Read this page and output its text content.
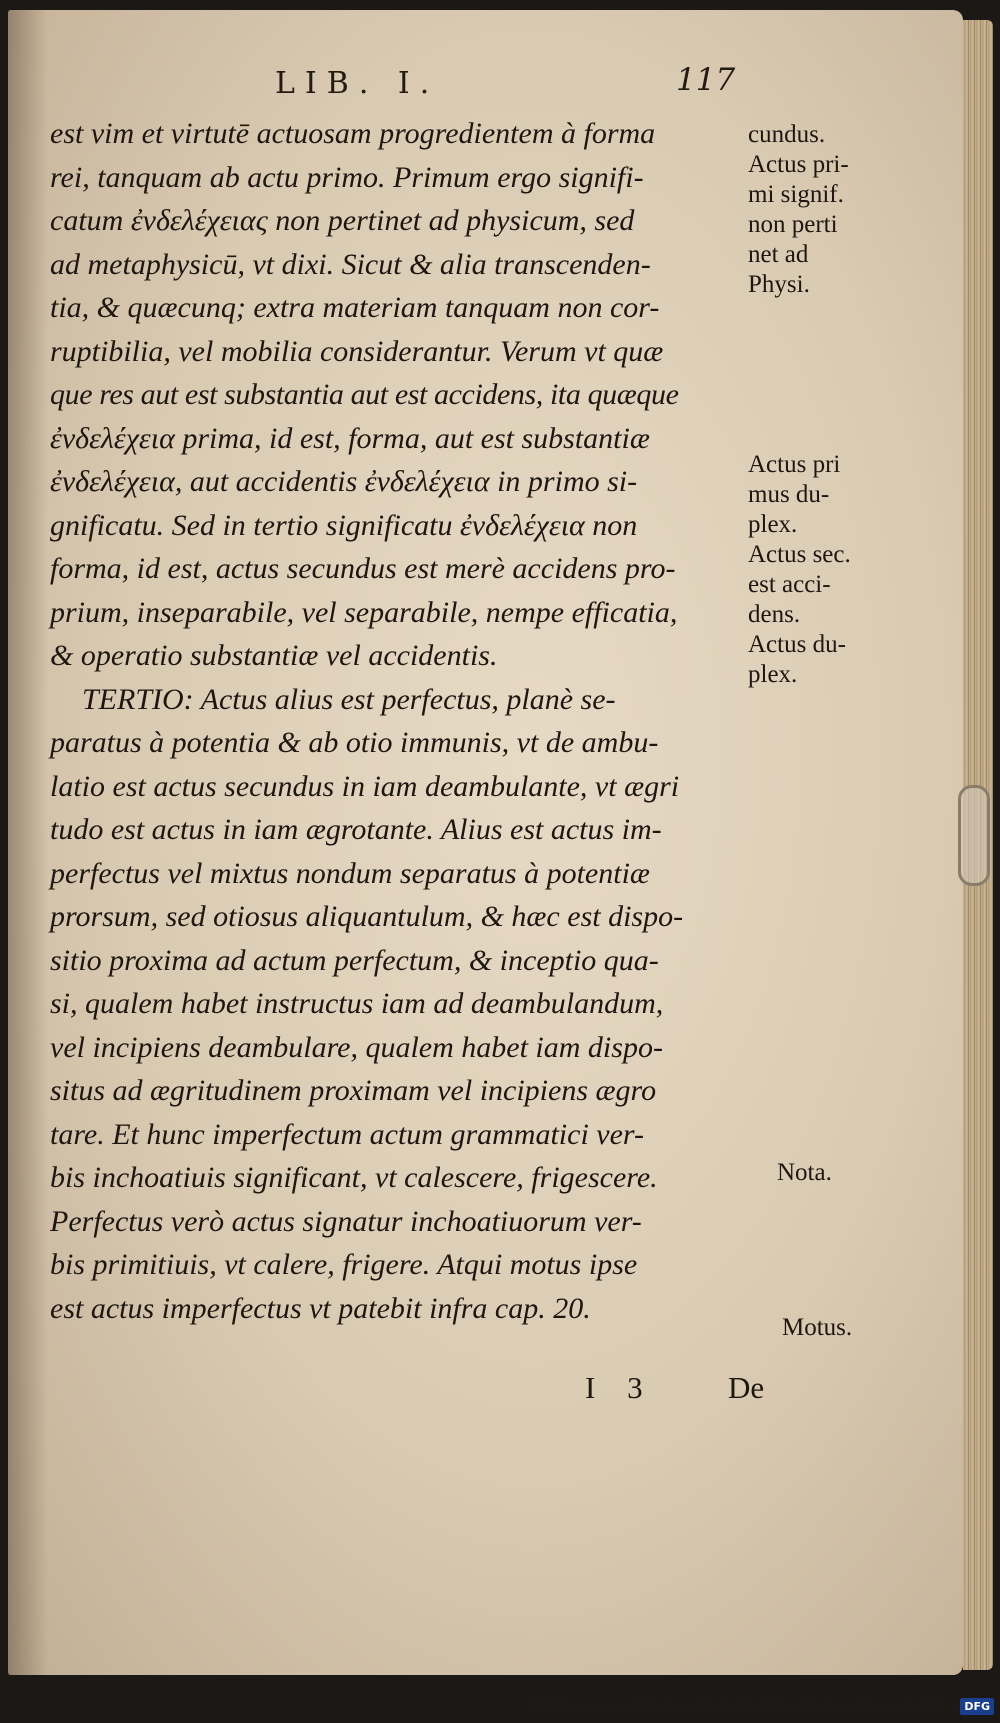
LIB. I.	117
est vim et virtutē actuosam progredientem à forma
rei, tanquam ab actu primo. Primum ergo signifi-
catum ἐνδελέχειας non pertinet ad physicum, sed
ad metaphysicū, vt dixi. Sicut & alia transcenden-
tia, & quæcunq; extra materiam tanquam non cor-
ruptibilia, vel mobilia considerantur. Verum vt quæ
que res aut est substantia aut est accidens, ita quæque
ἐνδελέχεια prima, id est, forma, aut est substantiæ
ἐνδελέχεια, aut accidentis ἐνδελέχεια in primo si-
gnificatu. Sed in tertio significatu ἐνδελέχεια non
forma, id est, actus secundus est merè accidens pro-
prium, inseparabile, vel separabile, nempe efficatia,
& operatio substantiæ vel accidentis.
TERTIO: Actus alius est perfectus, planè se-
paratus à potentia & ab otio immunis, vt de ambu-
latio est actus secundus in iam deambulante, vt ægri
tudo est actus in iam ægrotante. Alius est actus im-
perfectus vel mixtus nondum separatus à potentiæ
prorsum, sed otiosus aliquantulum, & hæc est dispo-
sitio proxima ad actum perfectum, & inceptio qua-
si, qualem habet instructus iam ad deambulandum,
vel incipiens deambulare, qualem habet iam dispo-
situs ad ægritudinem proximam vel incipiens ægro
tare. Et hunc imperfectum actum grammatici ver-
bis inchoatiuis significant, vt calescere, frigescere.
Perfectus verò actus signatur inchoatiuorum ver-
bis primitiuis, vt calere, frigere. Atqui motus ipse
est actus imperfectus vt patebit infra cap. 20.
cundus.
Actus pri-
mi signif.
non perti
net ad
Physi.
Actus pri
mus du-
plex.
Actus sec.
est acci-
dens.
Actus du-
plex.
Nota.
Motus.
I 3 De
Digitalisierung gefördert durch die Deutsche Forschungsgemeinschaft - DFG
